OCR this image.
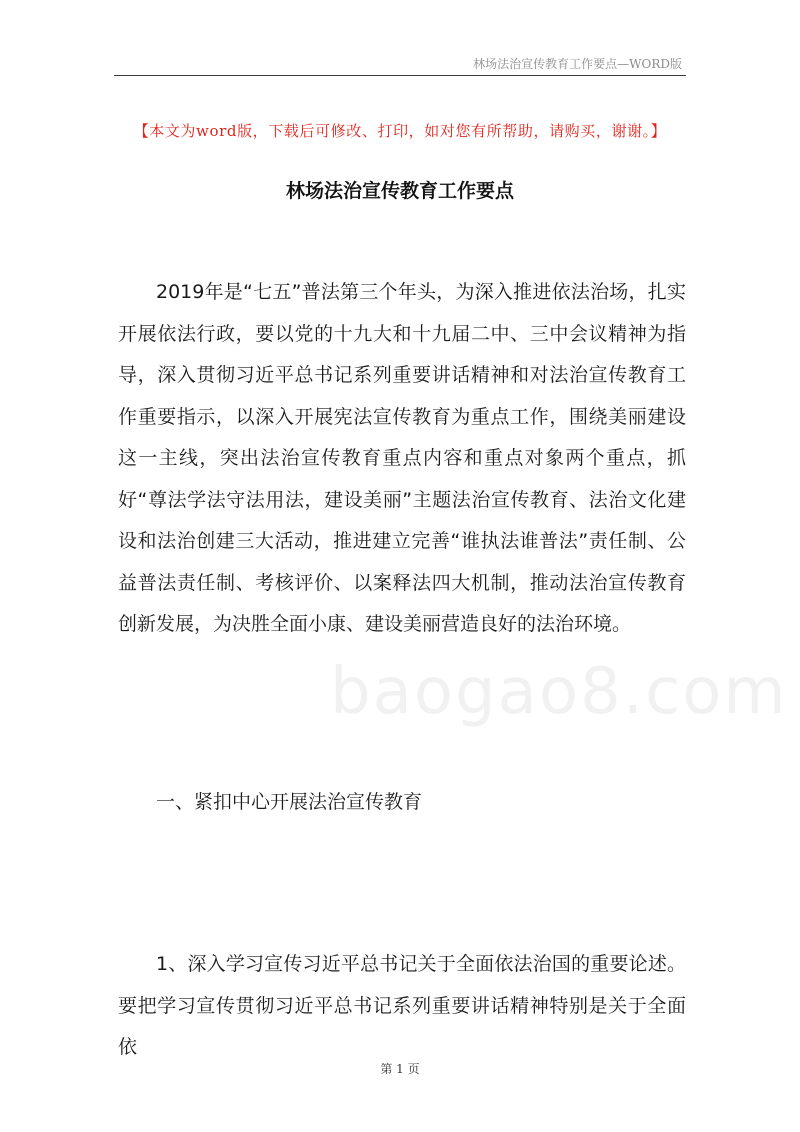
林场法治宣传教育工作要点—WORD版
【本文为word版，下载后可修改、打印，如对您有所帮助，请购买，谢谢。】
林场法治宣传教育工作要点

2019年是“七五”普法第三个年头，为深入推进依法治场，扎实开展依法行政，要以党的十九大和十九届二中、三中会议精神为指导，深入贯彻习近平总书记系列重要讲话精神和对法治宣传教育工作重要指示，以深入开展宪法宣传教育为重点工作，围绕美丽建设这一主线，突出法治宣传教育重点内容和重点对象两个重点，抓好“尊法学法守法用法，建设美丽”主题法治宣传教育、法治文化建设和法治创建三大活动，推进建立完善“谁执法谁普法”责任制、公益普法责任制、考核评价、以案释法四大机制，推动法治宣传教育创新发展，为决胜全面小康、建设美丽营造良好的法治环境。

baogao8.com
一、紧扣中心开展法治宣传教育

1、深入学习宣传习近平总书记关于全面依法治国的重要论述。要把学习宣传贯彻习近平总书记系列重要讲话精神特别是关于全面依

第 1 页
